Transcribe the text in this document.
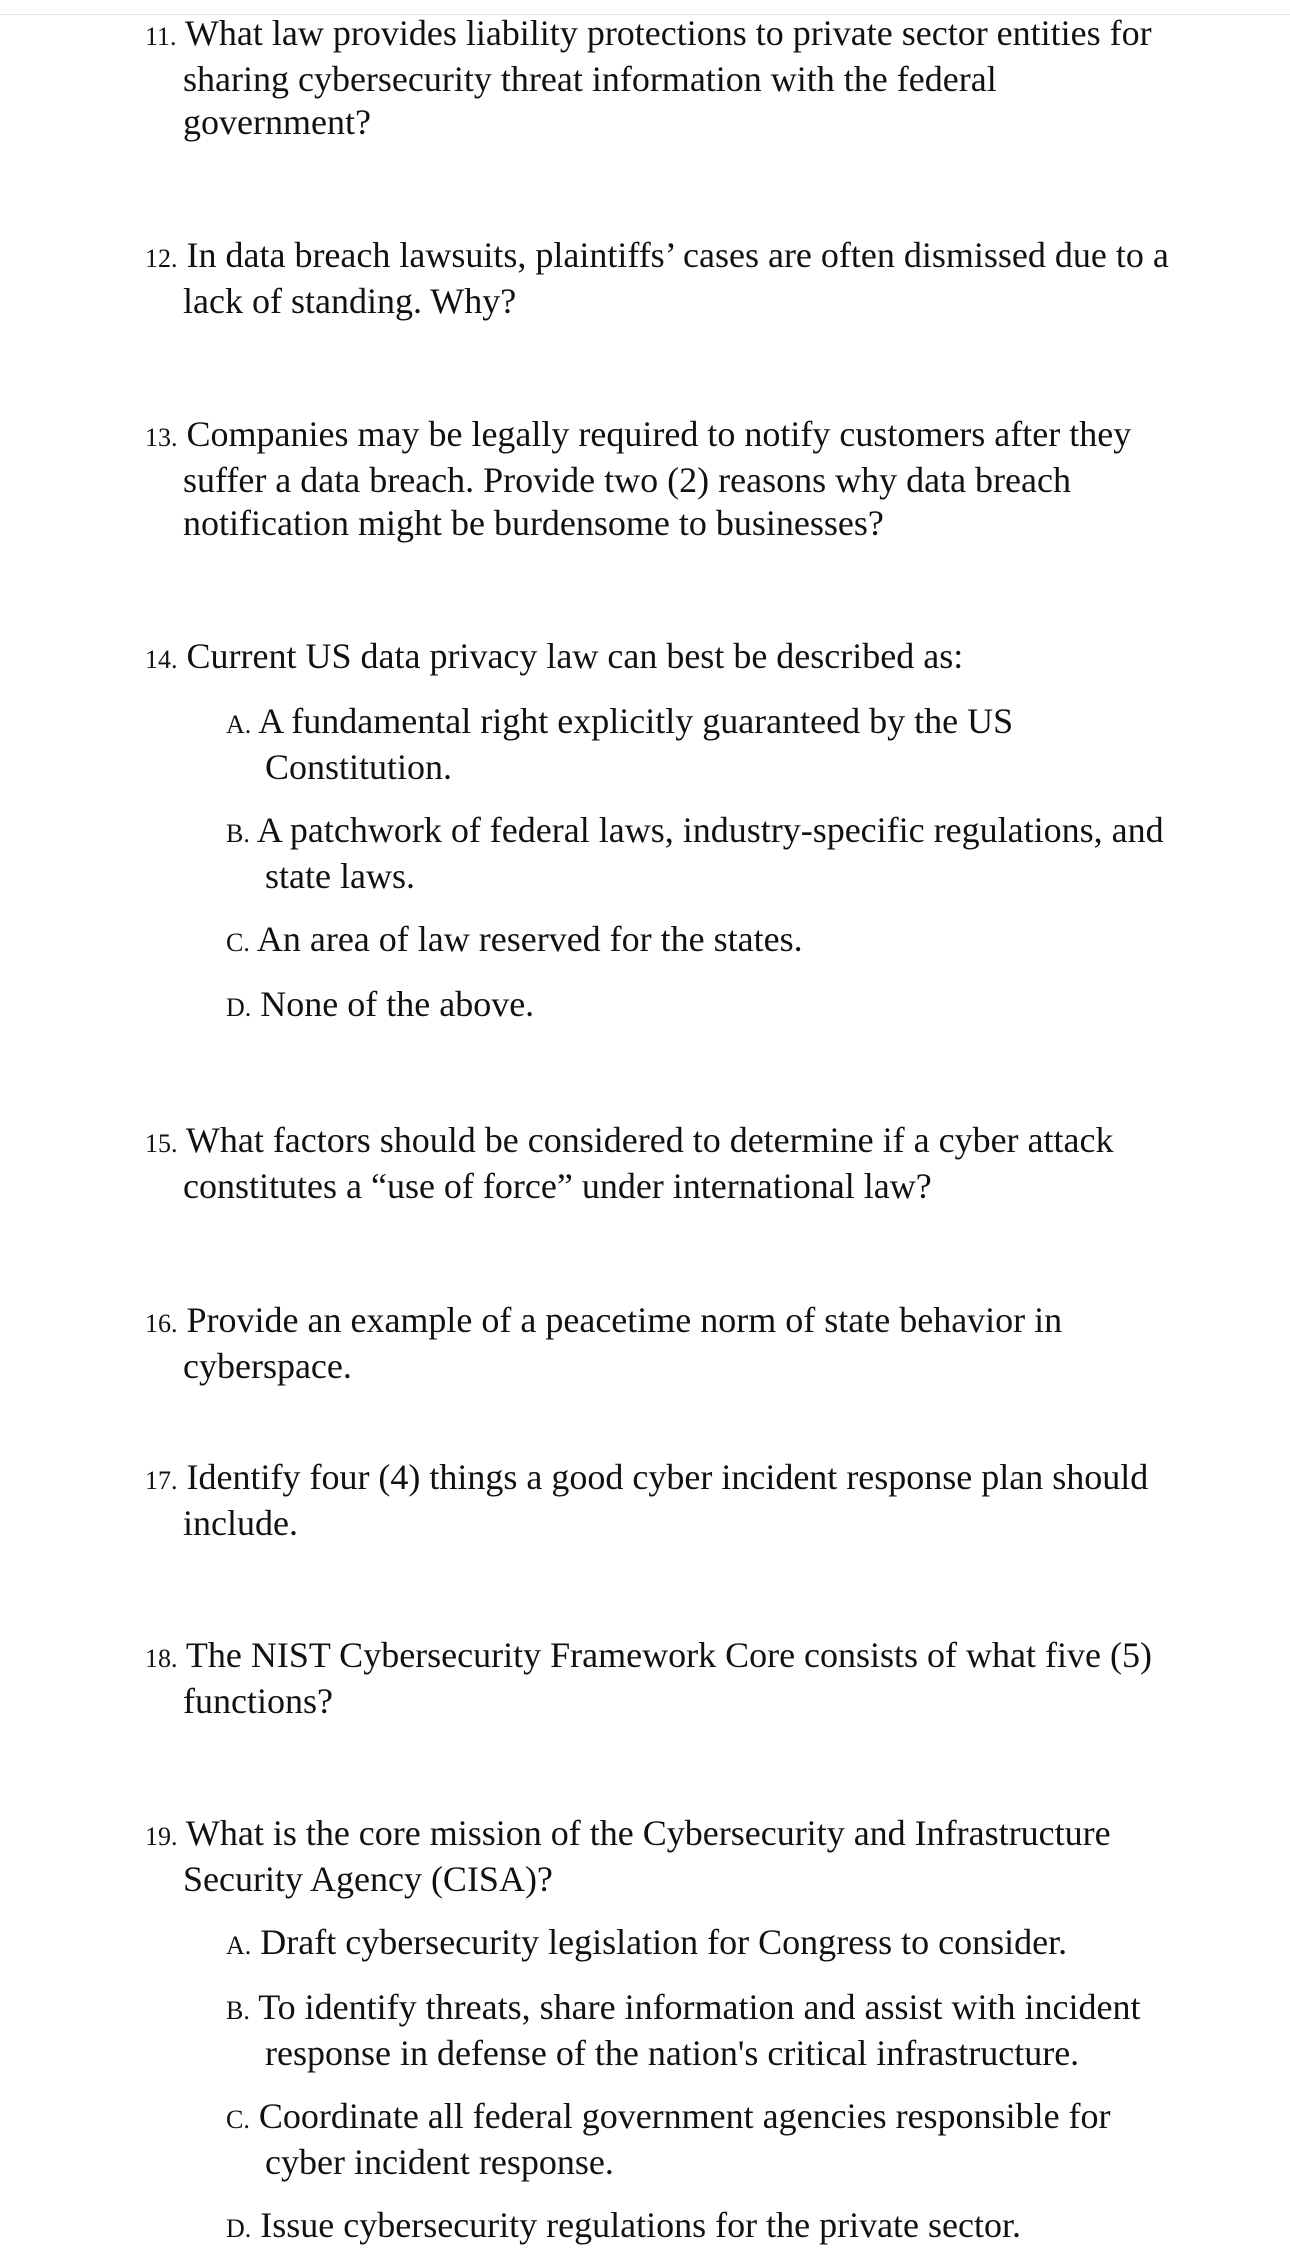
11. What law provides liability protections to private sector entities for
sharing cybersecurity threat information with the federal
government?
12. In data breach lawsuits, plaintiffs’ cases are often dismissed due to a
lack of standing. Why?
13. Companies may be legally required to notify customers after they
suffer a data breach. Provide two (2) reasons why data breach
notification might be burdensome to businesses?
14. Current US data privacy law can best be described as:
A. A fundamental right explicitly guaranteed by the US
Constitution.
B. A patchwork of federal laws, industry-specific regulations, and
state laws.
C. An area of law reserved for the states.
D. None of the above.
15. What factors should be considered to determine if a cyber attack
constitutes a “use of force” under international law?
16. Provide an example of a peacetime norm of state behavior in
cyberspace.
17. Identify four (4) things a good cyber incident response plan should
include.
18. The NIST Cybersecurity Framework Core consists of what five (5)
functions?
19. What is the core mission of the Cybersecurity and Infrastructure
Security Agency (CISA)?
A. Draft cybersecurity legislation for Congress to consider.
B. To identify threats, share information and assist with incident
response in defense of the nation's critical infrastructure.
C. Coordinate all federal government agencies responsible for
cyber incident response.
D. Issue cybersecurity regulations for the private sector.
